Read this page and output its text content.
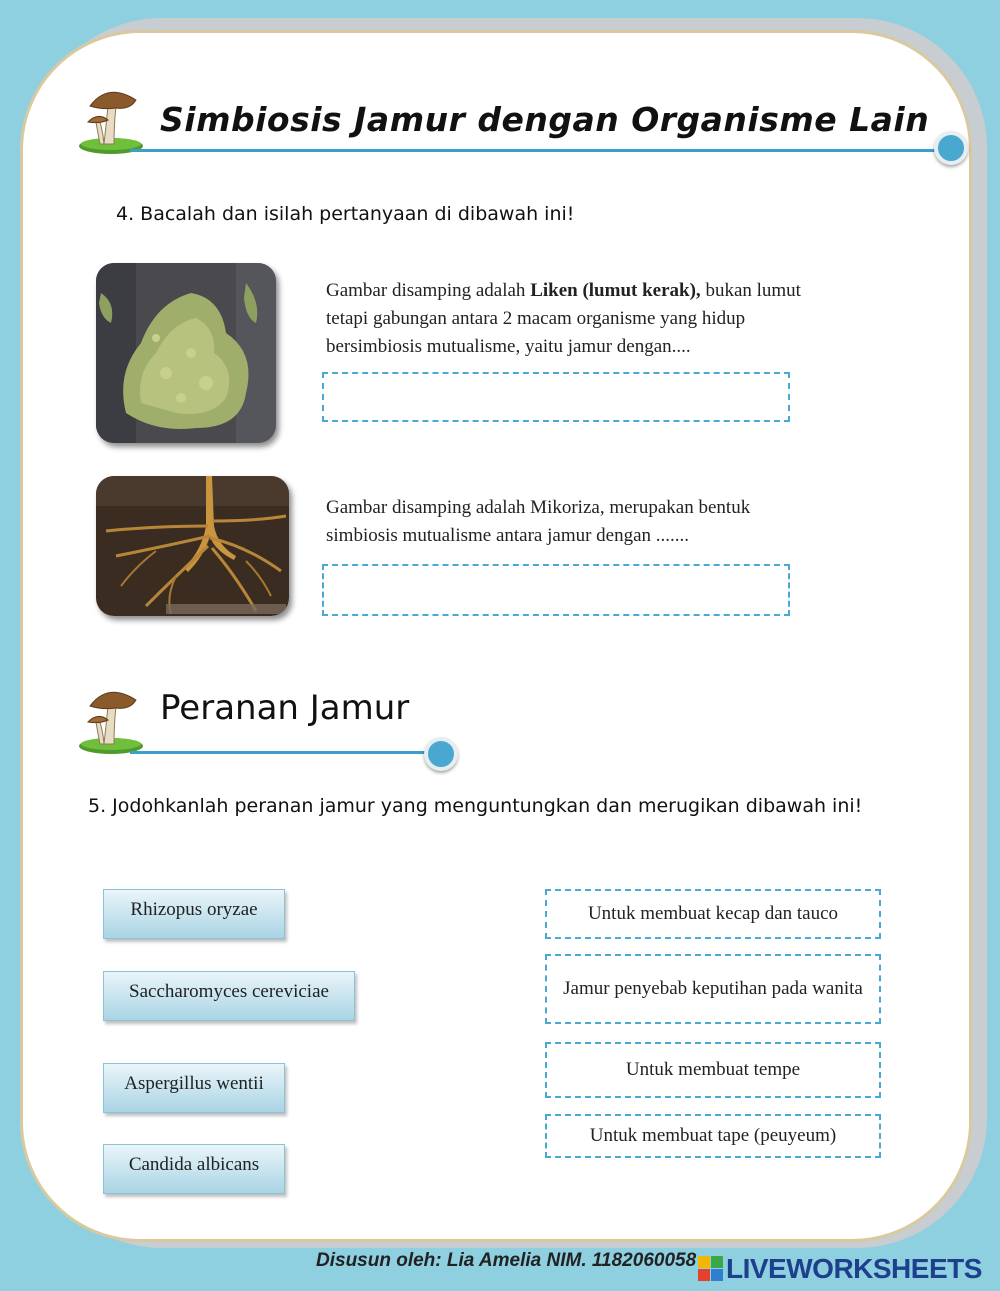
Simbiosis Jamur dengan Organisme Lain
4. Bacalah dan isilah pertanyaan di dibawah ini!
Gambar disamping adalah Liken (lumut kerak), bukan lumut tetapi gabungan antara 2 macam organisme yang hidup bersimbiosis mutualisme, yaitu jamur dengan....
Gambar disamping adalah Mikoriza, merupakan bentuk simbiosis mutualisme antara jamur dengan .......
Peranan Jamur
5. Jodohkanlah peranan jamur yang menguntungkan dan merugikan dibawah ini!
Rhizopus oryzae
Saccharomyces cereviciae
Aspergillus wentii
Candida albicans
Untuk membuat kecap dan tauco
Jamur penyebab keputihan pada wanita
Untuk membuat tempe
Untuk membuat tape (peuyeum)
Disusun oleh: Lia Amelia NIM. 1182060058 LIVEWORKSHEETS
